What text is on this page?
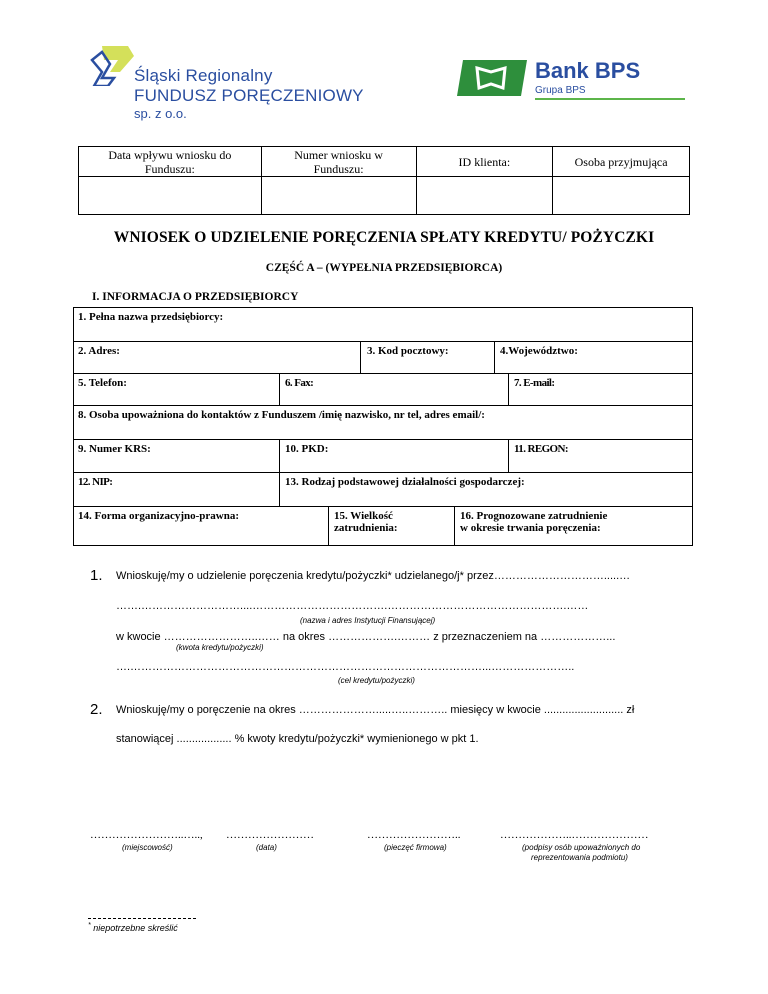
Śląski Regionalny
FUNDUSZ PORĘCZENIOWY
sp. z o.o.
Bank BPS
Grupa BPS
Data wpływu wniosku do Funduszu:	Numer wniosku w Funduszu:	ID klienta:	Osoba przyjmująca

WNIOSEK O UDZIELENIE PORĘCZENIA SPŁATY KREDYTU/ POŻYCZKI
CZĘŚĆ A – (WYPEŁNIA PRZEDSIĘBIORCA)
I. INFORMACJA O PRZEDSIĘBIORCY
1. Pełna nazwa przedsiębiorcy:
2. Adres:	3. Kod pocztowy:	4.Województwo:
5. Telefon:	6. Fax:	7. E-mail:
8. Osoba upoważniona do kontaktów z Funduszem /imię nazwisko, nr tel, adres email/:
9. Numer KRS:	10. PKD:	11. REGON:
12. NIP:	13. Rodzaj podstawowej działalności gospodarczej:
14. Forma organizacyjno-prawna:	15. Wielkość
zatrudnienia:
16. Prognozowane zatrudnienie
w okresie trwania poręczenia:
1. Wnioskuję/my o udzielenie poręczenia kredytu/pożyczki* udzielanego/j* przez………………………….....…
…….………………………....……………………………….………………………………………….……
(nazwa i adres Instytucji Finansującej)
w kwocie ……………………..…… na okres ……………….……… z przeznaczeniem na ………………...
(kwota kredytu/pożyczki)
….……………………………………………………………………………………...…………………..
(cel kredytu/pożyczki)
2. Wnioskuję/my o poręczenie na okres ………………….....…..……….. miesięcy w kwocie .......................... zł
stanowiącej .................. % kwoty kredytu/pożyczki* wymienionego w pkt 1.
……………………..….., ……………………	……………………..	………………..…………………
(miejscowość)	(data)	(pieczęć firmowa)	(podpisy osób upoważnionych do
reprezentowania podmiotu)
* niepotrzebne skreślić
